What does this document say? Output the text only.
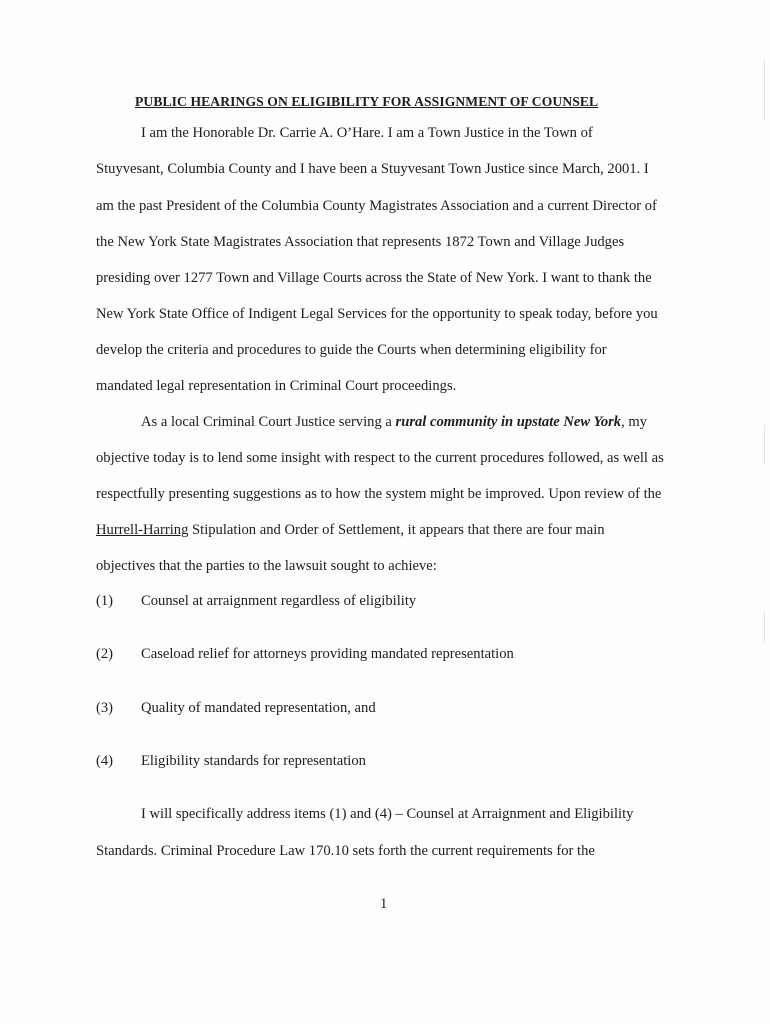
PUBLIC HEARINGS ON ELIGIBILITY FOR ASSIGNMENT OF COUNSEL
I am the Honorable Dr. Carrie A. O’Hare. I am a Town Justice in the Town of
Stuyvesant, Columbia County and I have been a Stuyvesant Town Justice since March, 2001. I
am the past President of the Columbia County Magistrates Association and a current Director of
the New York State Magistrates Association that represents 1872 Town and Village Judges
presiding over 1277 Town and Village Courts across the State of New York. I want to thank the
New York State Office of Indigent Legal Services for the opportunity to speak today, before you
develop the criteria and procedures to guide the Courts when determining eligibility for
mandated legal representation in Criminal Court proceedings.
As a local Criminal Court Justice serving a rural community in upstate New York, my
objective today is to lend some insight with respect to the current procedures followed, as well as
respectfully presenting suggestions as to how the system might be improved. Upon review of the
Hurrell-Harring Stipulation and Order of Settlement, it appears that there are four main
objectives that the parties to the lawsuit sought to achieve:
(1) Counsel at arraignment regardless of eligibility
(2) Caseload relief for attorneys providing mandated representation
(3) Quality of mandated representation, and
(4) Eligibility standards for representation
I will specifically address items (1) and (4) – Counsel at Arraignment and Eligibility
Standards. Criminal Procedure Law 170.10 sets forth the current requirements for the
1
